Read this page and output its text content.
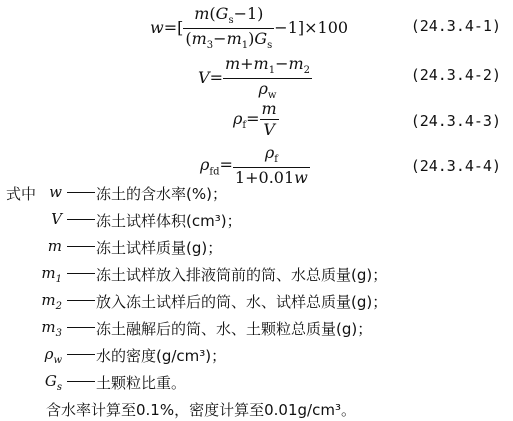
$w=[ \frac{m(G_s-1)}{(m_3-m_1)G_s} -1]\times 100$	(24.3.4-1)
$V= \frac{m+m_1-m_2}{\rho_w}$	(24.3.4-2)
$\rho_f= \frac{m}{V}$	(24.3.4-3)
$\rho_{fd}= \frac{\rho_f}{1+0.01w}$	(24.3.4-4)
式中 w 冻土的含水率(%)；
V 冻土试样体积(cm³)；
m 冻土试样质量(g)；
$m_1$ 冻土试样放入排液筒前的筒、水总质量(g)；
$m_2$ 放入冻土试样后的筒、水、试样总质量(g)；
$m_3$ 冻土融解后的筒、水、土颗粒总质量(g)；
$\rho_w$ 水的密度(g/cm³)；
$G_s$ 土颗粒比重。
含水率计算至0.1%，密度计算至0.01g/cm³。
